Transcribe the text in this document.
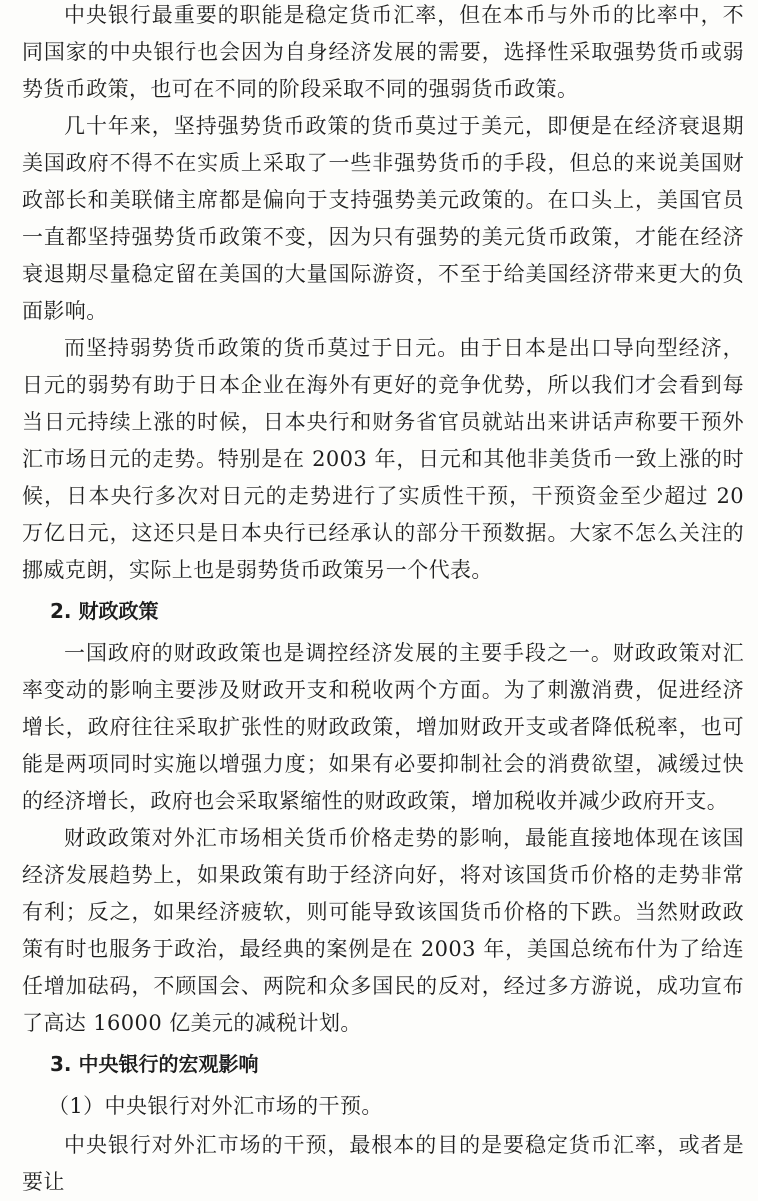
中央银行最重要的职能是稳定货币汇率，但在本币与外币的比率中，不同国家的中央银行也会因为自身经济发展的需要，选择性采取强势货币或弱势货币政策，也可在不同的阶段采取不同的强弱货币政策。

几十年来，坚持强势货币政策的货币莫过于美元，即便是在经济衰退期美国政府不得不在实质上采取了一些非强势货币的手段，但总的来说美国财政部长和美联储主席都是偏向于支持强势美元政策的。在口头上，美国官员一直都坚持强势货币政策不变，因为只有强势的美元货币政策，才能在经济衰退期尽量稳定留在美国的大量国际游资，不至于给美国经济带来更大的负面影响。

而坚持弱势货币政策的货币莫过于日元。由于日本是出口导向型经济，日元的弱势有助于日本企业在海外有更好的竞争优势，所以我们才会看到每当日元持续上涨的时候，日本央行和财务省官员就站出来讲话声称要干预外汇市场日元的走势。特别是在 2003 年，日元和其他非美货币一致上涨的时候，日本央行多次对日元的走势进行了实质性干预，干预资金至少超过 20 万亿日元，这还只是日本央行已经承认的部分干预数据。大家不怎么关注的挪威克朗，实际上也是弱势货币政策另一个代表。

2. 财政政策

一国政府的财政政策也是调控经济发展的主要手段之一。财政政策对汇率变动的影响主要涉及财政开支和税收两个方面。为了刺激消费，促进经济增长，政府往往采取扩张性的财政政策，增加财政开支或者降低税率，也可能是两项同时实施以增强力度；如果有必要抑制社会的消费欲望，减缓过快的经济增长，政府也会采取紧缩性的财政政策，增加税收并减少政府开支。

财政政策对外汇市场相关货币价格走势的影响，最能直接地体现在该国经济发展趋势上，如果政策有助于经济向好，将对该国货币价格的走势非常有利；反之，如果经济疲软，则可能导致该国货币价格的下跌。当然财政政策有时也服务于政治，最经典的案例是在 2003 年，美国总统布什为了给连任增加砝码，不顾国会、两院和众多国民的反对，经过多方游说，成功宣布了高达 16000 亿美元的减税计划。

3. 中央银行的宏观影响
（1）中央银行对外汇市场的干预。

中央银行对外汇市场的干预，最根本的目的是要稳定货币汇率，或者是要让
